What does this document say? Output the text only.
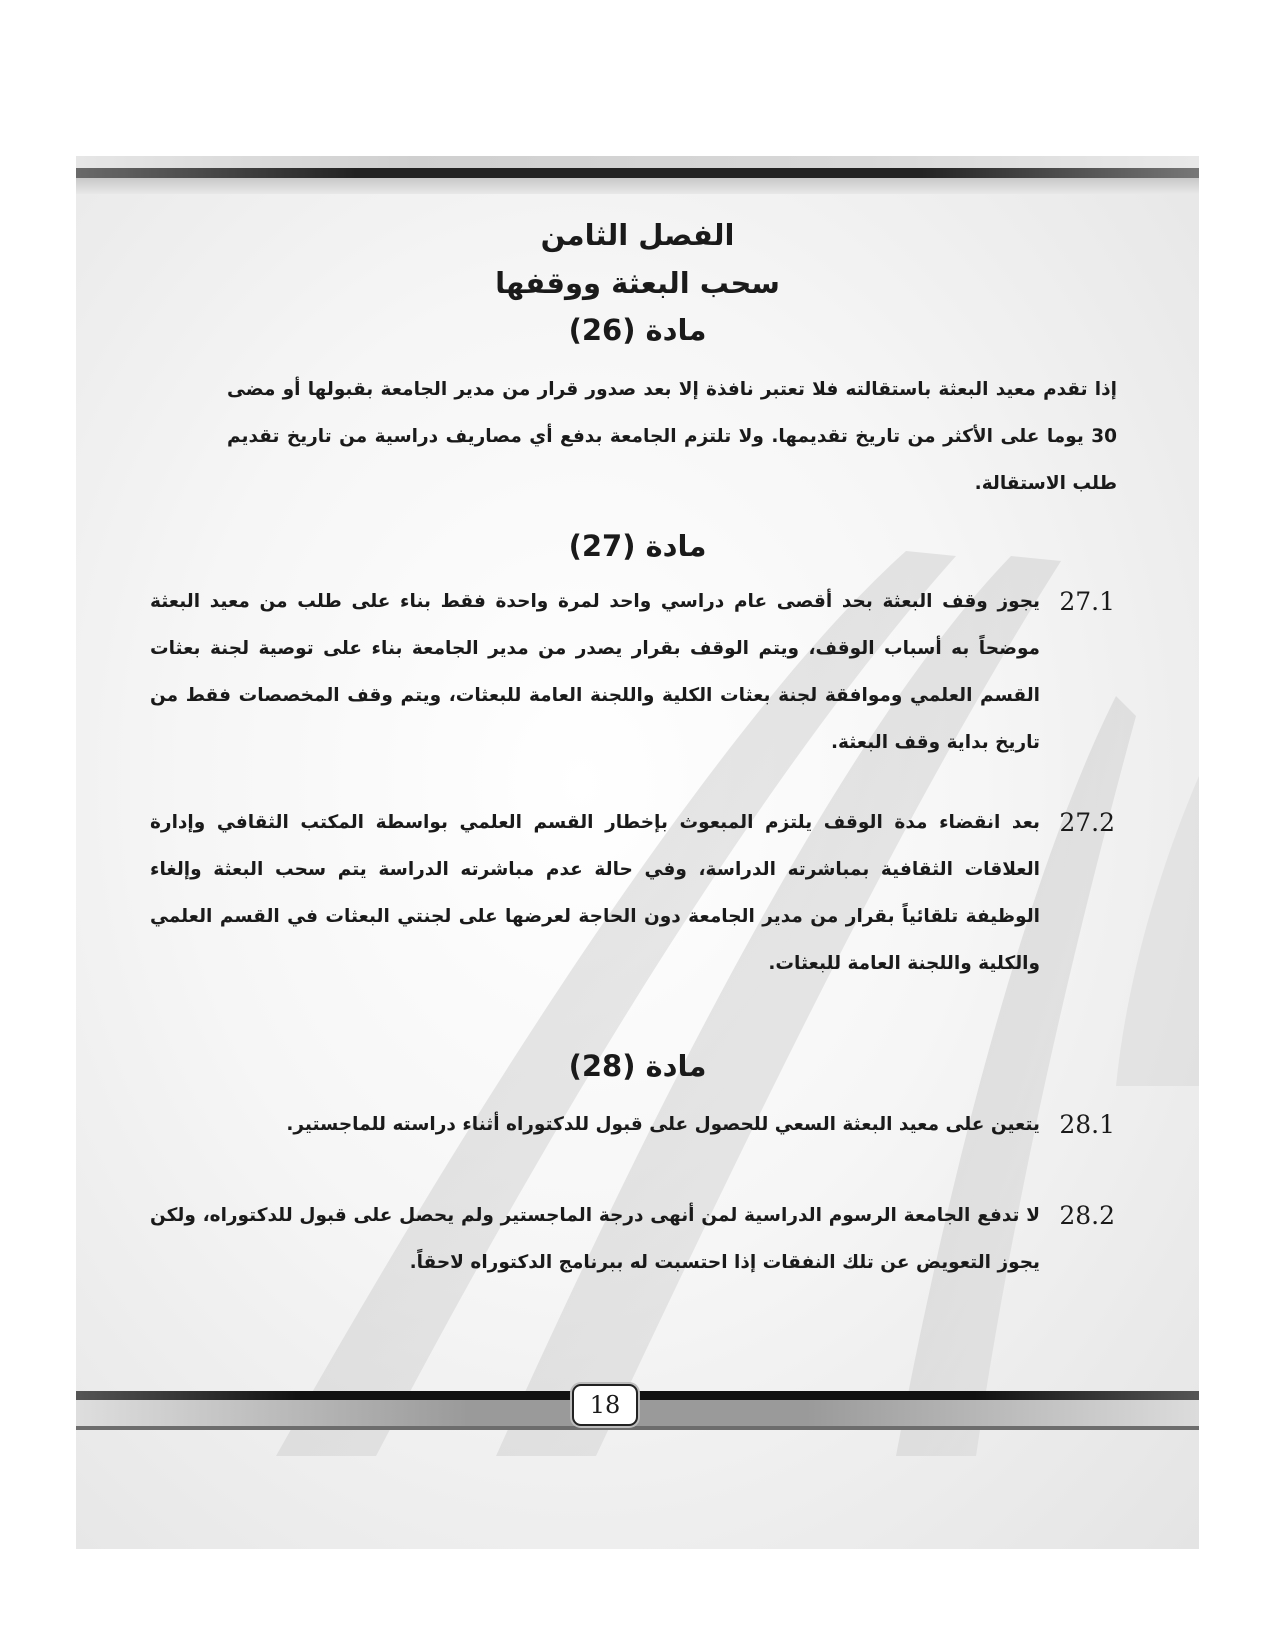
الفصل الثامن
سحب البعثة ووقفها
مادة (26)

إذا تقدم معيد البعثة باستقالته فلا تعتبر نافذة إلا بعد صدور قرار من مدير الجامعة بقبولها أو مضى 30 يوما على الأكثر من تاريخ تقديمها. ولا تلتزم الجامعة بدفع أي مصاريف دراسية من تاريخ تقديم طلب الاستقالة.

مادة (27)
27.1
يجوز وقف البعثة بحد أقصى عام دراسي واحد لمرة واحدة فقط بناء على طلب من معيد البعثة موضحاً به أسباب الوقف، ويتم الوقف بقرار يصدر من مدير الجامعة بناء على توصية لجنة بعثات القسم العلمي وموافقة لجنة بعثات الكلية واللجنة العامة للبعثات، ويتم وقف المخصصات فقط من تاريخ بداية وقف البعثة.
27.2
بعد انقضاء مدة الوقف يلتزم المبعوث بإخطار القسم العلمي بواسطة المكتب الثقافي وإدارة العلاقات الثقافية بمباشرته الدراسة، وفي حالة عدم مباشرته الدراسة يتم سحب البعثة وإلغاء الوظيفة تلقائياً بقرار من مدير الجامعة دون الحاجة لعرضها على لجنتي البعثات في القسم العلمي والكلية واللجنة العامة للبعثات.
مادة (28)
28.1
يتعين على معيد البعثة السعي للحصول على قبول للدكتوراه أثناء دراسته للماجستير.
28.2
لا تدفع الجامعة الرسوم الدراسية لمن أنهى درجة الماجستير ولم يحصل على قبول للدكتوراه، ولكن يجوز التعويض عن تلك النفقات إذا احتسبت له ببرنامج الدكتوراه لاحقاً.
18
